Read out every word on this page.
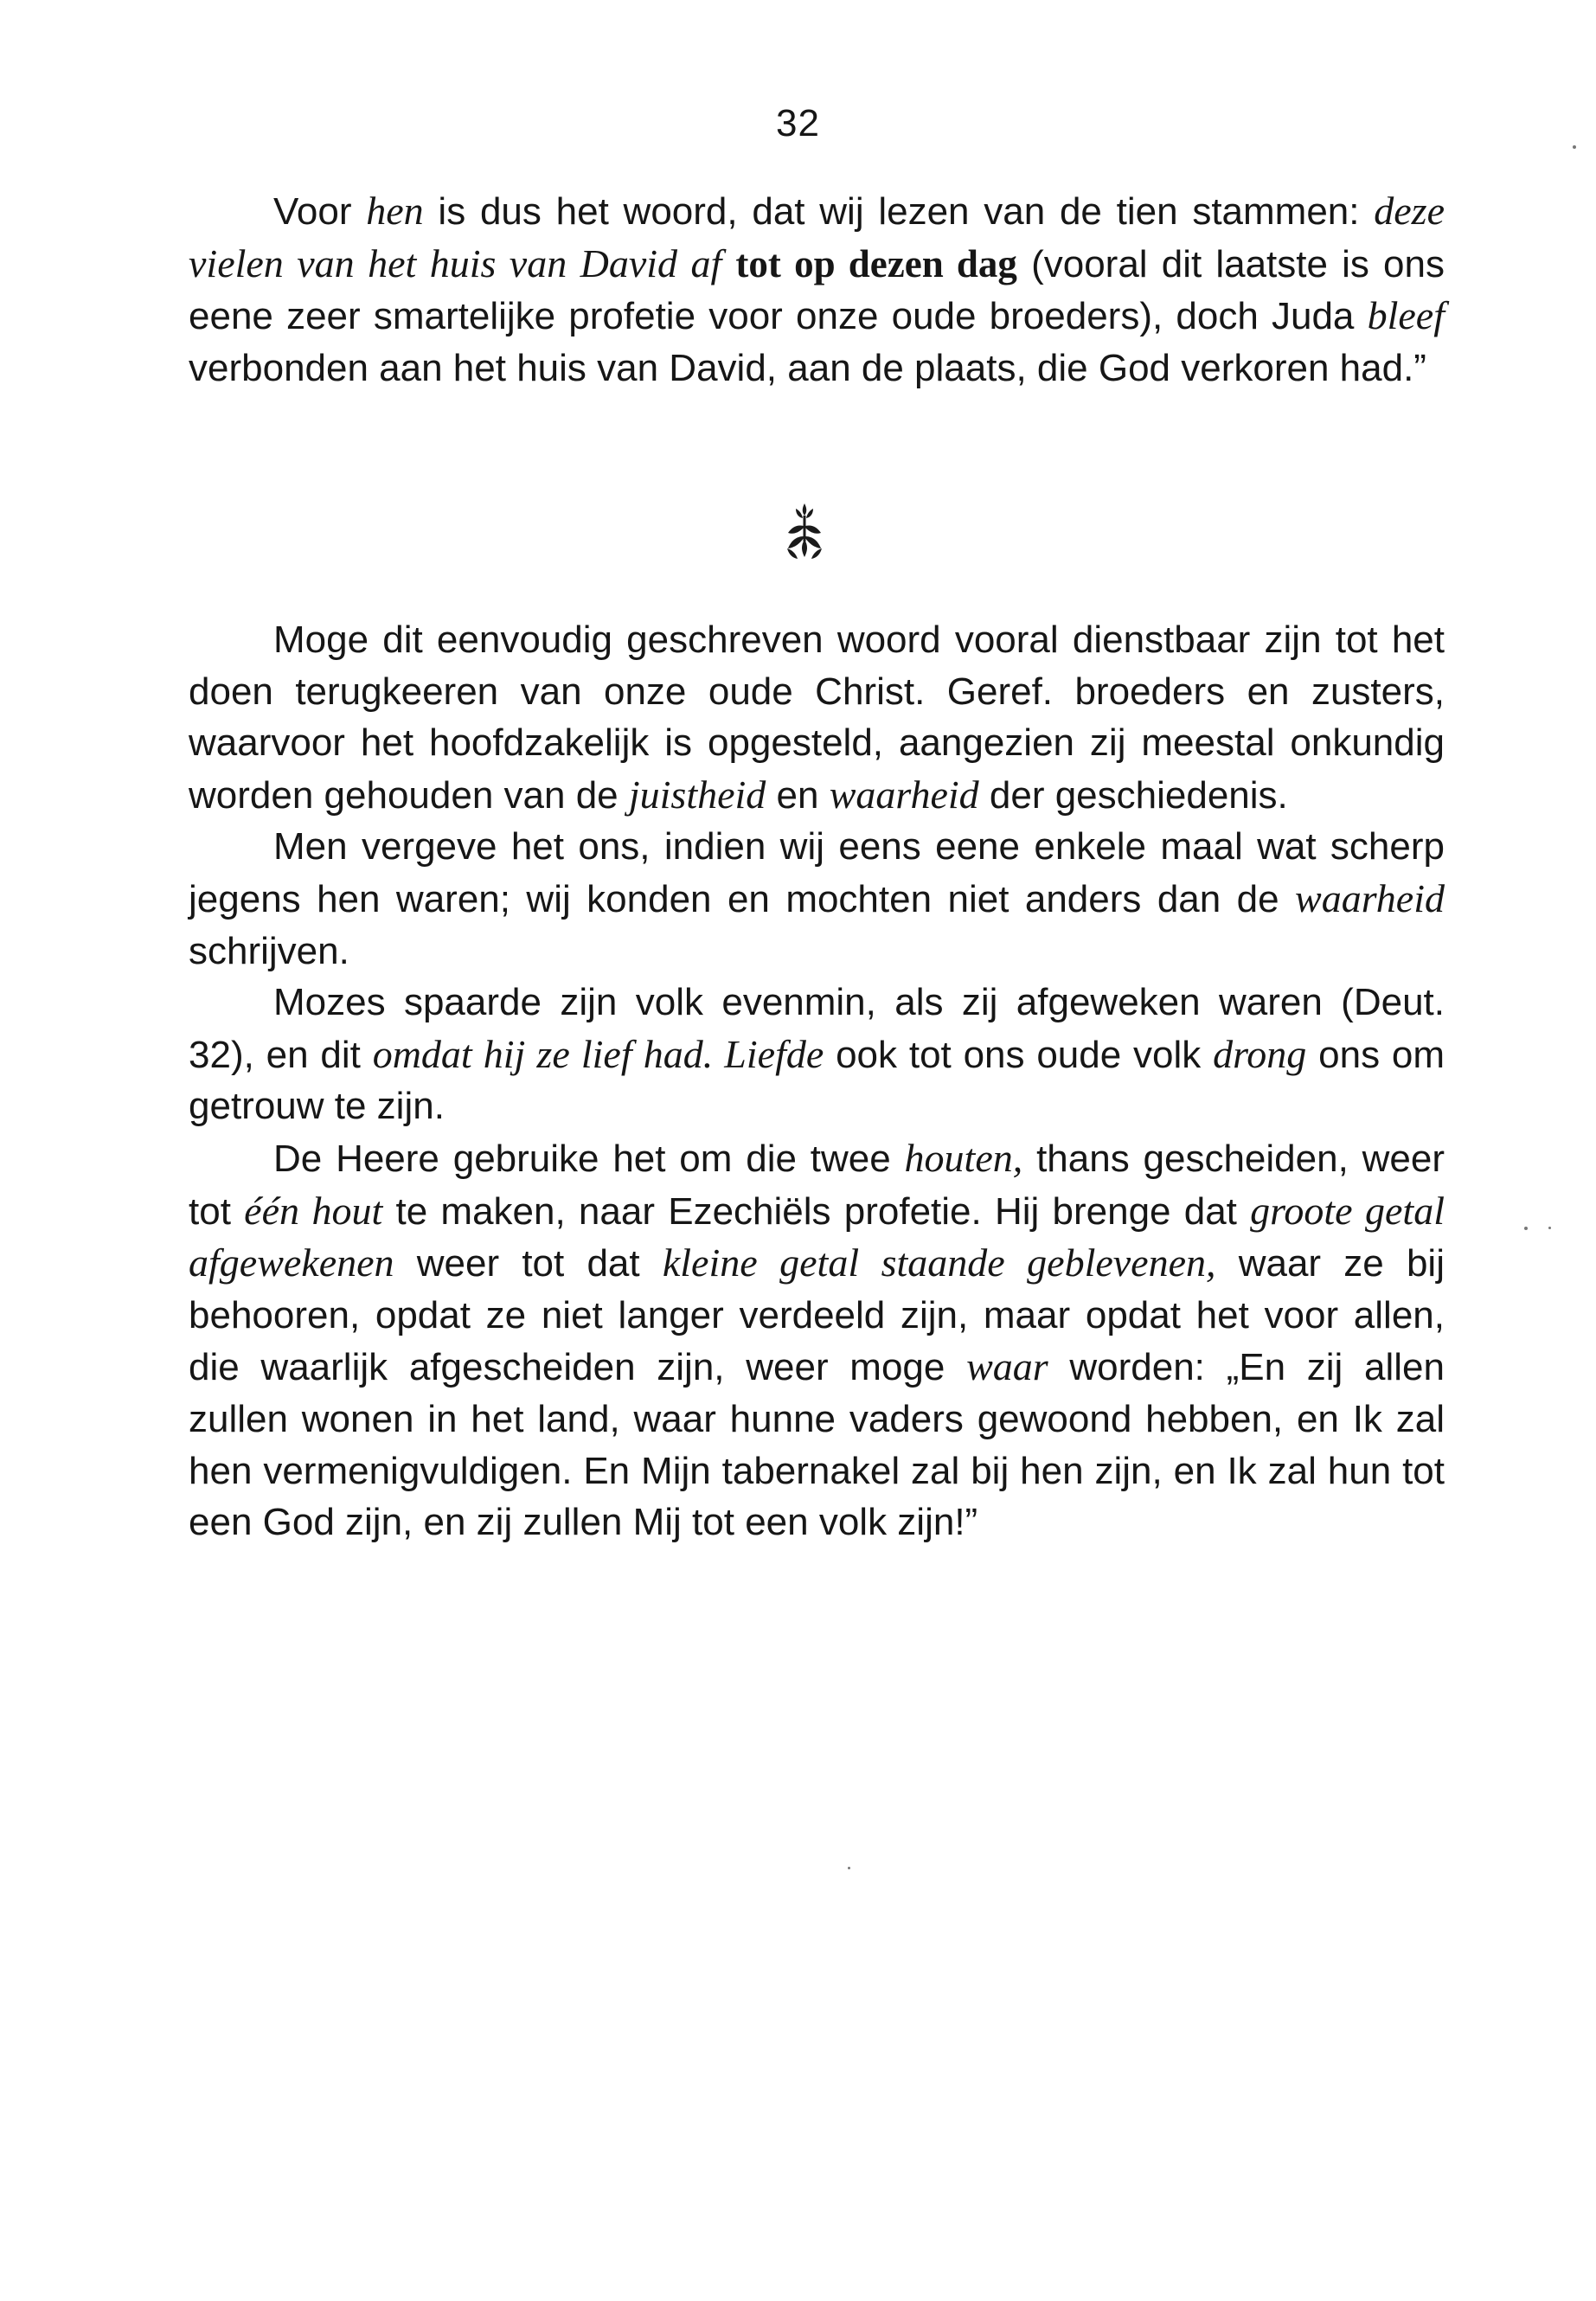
32

Voor hen is dus het woord, dat wij lezen van de tien stammen: deze vielen van het huis van David af tot op dezen dag (vooral dit laatste is ons eene zeer smartelijke profetie voor onze oude broeders), doch Juda bleef verbonden aan het huis van David, aan de plaats, die God verkoren had.”

Moge dit eenvoudig geschreven woord vooral dienstbaar zijn tot het doen terugkeeren van onze oude Christ. Geref. broeders en zusters, waarvoor het hoofdzakelijk is opgesteld, aangezien zij meestal onkundig worden gehouden van de juistheid en waarheid der geschiedenis.

Men vergeve het ons, indien wij eens eene enkele maal wat scherp jegens hen waren; wij konden en mochten niet anders dan de waarheid schrijven.

Mozes spaarde zijn volk evenmin, als zij afgeweken waren (Deut. 32), en dit omdat hij ze lief had. Liefde ook tot ons oude volk drong ons om getrouw te zijn.

De Heere gebruike het om die twee houten, thans gescheiden, weer tot één hout te maken, naar Ezechiëls profetie. Hij brenge dat groote getal afgewekenen weer tot dat kleine getal staande geblevenen, waar ze bij behooren, opdat ze niet langer verdeeld zijn, maar opdat het voor allen, die waarlijk afgescheiden zijn, weer moge waar worden: „En zij allen zullen wonen in het land, waar hunne vaders gewoond hebben, en Ik zal hen vermenigvuldigen. En Mijn tabernakel zal bij hen zijn, en Ik zal hun tot een God zijn, en zij zullen Mij tot een volk zijn!”
